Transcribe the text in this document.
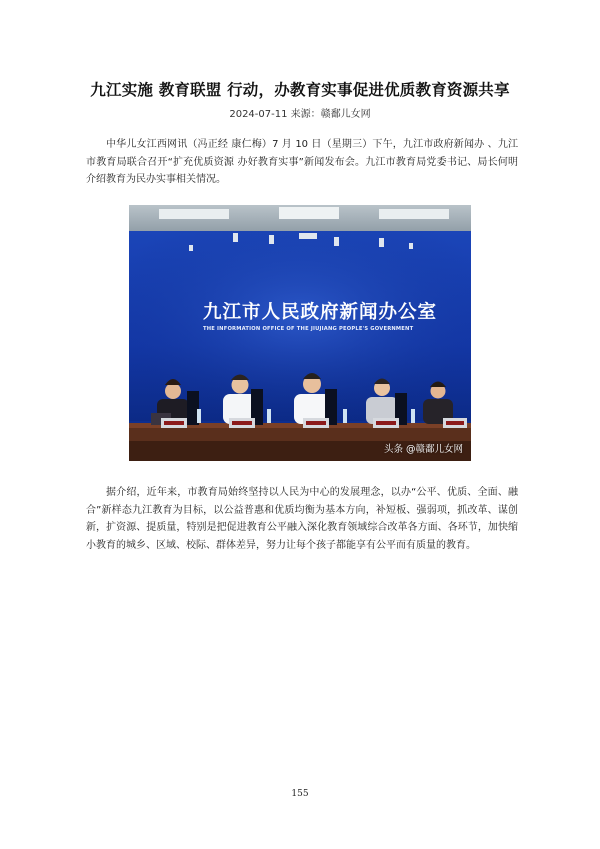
九江实施 教育联盟 行动，办教育实事促进优质教育资源共享
2024-07-11 来源：赣鄱儿女网

中华儿女江西网讯（冯正经 康仁梅）7 月 10 日（星期三）下午，九江市政府新闻办 、九江市教育局联合召开“扩充优质资源 办好教育实事”新闻发布会。九江市教育局党委书记、局长何明介绍教育为民办实事相关情况。

九江市人民政府新闻办公室
THE INFORMATION OFFICE OF THE JIUJIANG PEOPLE'S GOVERNMENT
头条 @赣鄱儿女网

据介绍，近年来，市教育局始终坚持以人民为中心的发展理念，以办“公平、优质、全面、融合”新样态九江教育为目标，以公益普惠和优质均衡为基本方向，补短板、强弱项，抓改革、谋创新，扩资源、提质量，特别是把促进教育公平融入深化教育领域综合改革各方面、各环节，加快缩小教育的城乡、区域、校际、群体差异，努力让每个孩子都能享有公平而有质量的教育。

155
